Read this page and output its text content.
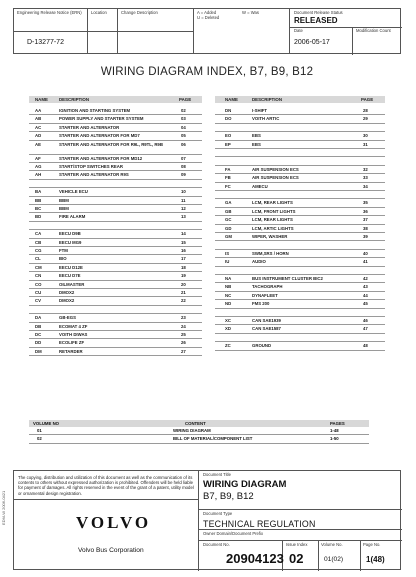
Engineering Release Notice (ERN)
D-13277-72
Location	Change Description	A = Added
U = Deleted
W = Was	Document Release Status
RELEASED
Date
2006-05-17
Modification Count
WIRING DIAGRAM INDEX, B7, B9, B12
NAME	DESCRIPTION	PAGE	NAME	DESCRIPTION	PAGE
AA	IGNITION AND STARTING SYSTEM	02
AB	POWER SUPPLY AND STARTER SYSTEM	03
AC	STARTER AND ALTERNATOR	04
AD	STARTER AND ALTERNATOR FOR MD7	05
AE	STARTER AND ALTERNATOR FOR R9L, R9TL, R9B	06
AF	STARTER AND ALTERNATOR FOR MD12	07
AG	START/STOP SWITCHES REAR	08
AH	STARTER AND ALTERNATOR R9S	09
BA	VEHICLE ECU	10
BB	BBM	11
BC	BBM	12
BD	FIRE ALARM	13
CA	EECU D9B	14
CB	EECU MG9	15
CG	FTM	16
CL	BIO	17
CM	EECU D12E	18
CN	EECU D7E	19
CO	OILMASTER	20
CU	DMOX2	21
CV	DMOX2	22
DA	GB-EGS	23
DB	ECOMAT 4 ZF	24
DC	VOITH DIWAS	25
DD	ECOLIFE ZF	26
DM	RETARDER	27
DN	I-SHIFT	28
DO	VOITH ARTIC	29
EO	EBS	30
EP	EBS	31
FA	AIR SUSPENSION ECS	32
FB	AIR SUSPENSION ECS	33
FC	AMECU	34
GA	LCM, REAR LIGHTS	35
GB	LCM, FRONT LIGHTS	36
GC	LCM, REAR LIGHTS	37
GD	LCM, ARTIC LIGHTS	38
GM	WIPER, WASHER	39
IS	SWM,SRS / HORN	40
IU	AUDIO	41
NA	BUS INSTRUMENT CLUSTER BIC2	42
NB	TACHOGRAPH	43
NC	DYNAFLEET	44
ND	FMS 200	45
XC	CAN SAE1939	46
XD	CAN SAE1587	47
ZC	GROUND	48
VOLUME NO	CONTENT	PAGES
01	WIRING DIAGRAM	1-48
02	BILL OF MATERIAL/COMPONENT LIST	1-50
The copying, distribution and utilization of this document as well as the communication of its contents to others without expressed authorization is prohibited. Offenders will be held liable for payment of damages. All rights reserved in the event of the grant of a patent, utility model or ornamental design registration.
Document Title
WIRING DIAGRAM
B7, B9, B12
Document Type
TECHNICAL REGULATION
Owner Domain/Document Prefix
Document No.
20904123
Issue Index
02
Volume No.
01(02)
Page No.
1(48)
VOLVO
Volvo Bus Corporation
EDM-W 2006-0421
